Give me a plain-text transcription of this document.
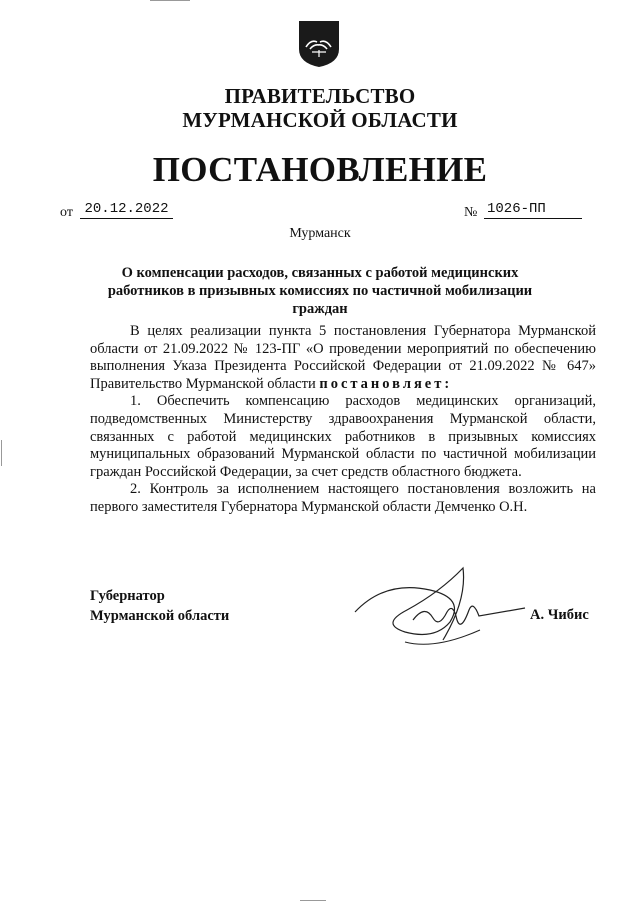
ПРАВИТЕЛЬСТВО
МУРМАНСКОЙ ОБЛАСТИ
ПОСТАНОВЛЕНИЕ
от 20.12.2022	№ 1026-ПП
Мурманск
О компенсации расходов, связанных с работой медицинских работников в призывных комиссиях по частичной мобилизации граждан

В целях реализации пункта 5 постановления Губернатора Мурманской области от 21.09.2022 № 123-ПГ «О проведении мероприятий по обеспечению выполнения Указа Президента Российской Федерации от 21.09.2022 № 647» Правительство Мурманской области постановляет:

1. Обеспечить компенсацию расходов медицинских организаций, подведомственных Министерству здравоохранения Мурманской области, связанных с работой медицинских работников в призывных комиссиях муниципальных образований Мурманской области по частичной мобилизации граждан Российской Федерации, за счет средств областного бюджета.

2. Контроль за исполнением настоящего постановления возложить на первого заместителя Губернатора Мурманской области Демченко О.Н.

Губернатор
Мурманской области	А. Чибис
